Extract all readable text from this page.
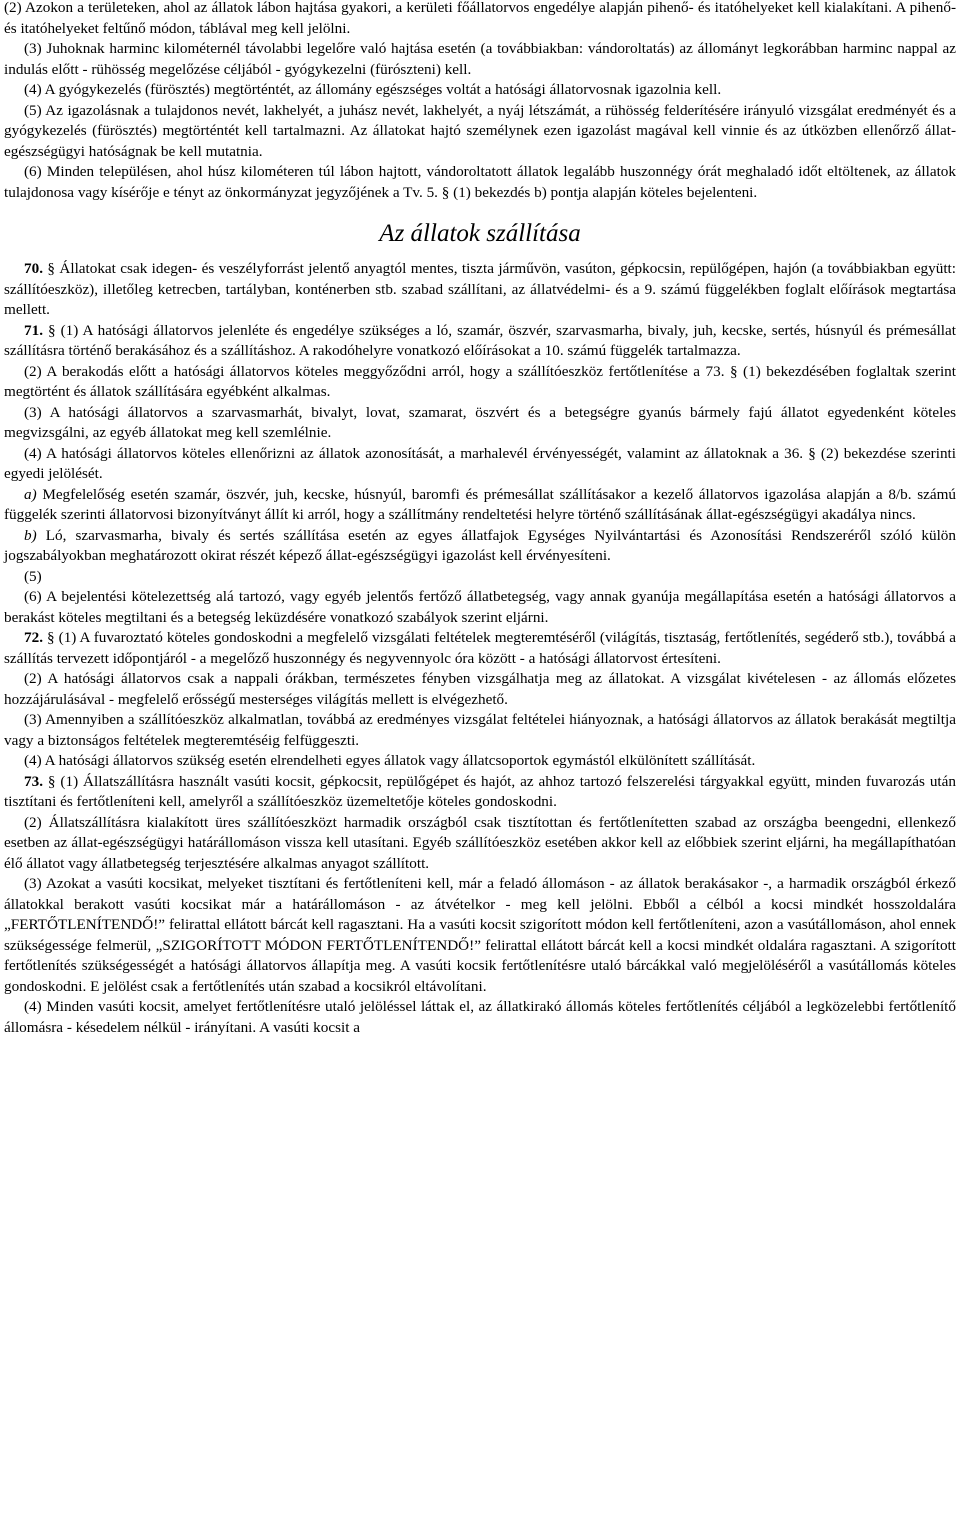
(2) Azokon a területeken, ahol az állatok lábon hajtása gyakori, a kerületi főállatorvos engedélye alapján pihenő- és itatóhelyeket kell kialakítani. A pihenő- és itatóhelyeket feltűnő módon, táblával meg kell jelölni.

(3) Juhoknak harminc kilométernél távolabbi legelőre való hajtása esetén (a továbbiakban: vándoroltatás) az állományt legkorábban harminc nappal az indulás előtt - rühösség megelőzése céljából - gyógykezelni (fürószteni) kell.

(4) A gyógykezelés (fürösztés) megtörténtét, az állomány egészséges voltát a hatósági állatorvosnak igazolnia kell.

(5) Az igazolásnak a tulajdonos nevét, lakhelyét, a juhász nevét, lakhelyét, a nyáj létszámát, a rühösség felderítésére irányuló vizsgálat eredményét és a gyógykezelés (fürösztés) megtörténtét kell tartalmazni. Az állatokat hajtó személynek ezen igazolást magával kell vinnie és az útközben ellenőrző állat-egészségügyi hatóságnak be kell mutatnia.

(6) Minden településen, ahol húsz kilométeren túl lábon hajtott, vándoroltatott állatok legalább huszonnégy órát meghaladó időt eltöltenek, az állatok tulajdonosa vagy kísérője e tényt az önkormányzat jegyzőjének a Tv. 5. § (1) bekezdés b) pontja alapján köteles bejelenteni.

Az állatok szállítása

70. § Állatokat csak idegen- és veszélyforrást jelentő anyagtól mentes, tiszta járművön, vasúton, gépkocsin, repülőgépen, hajón (a továbbiakban együtt: szállítóeszköz), illetőleg ketrecben, tartályban, konténerben stb. szabad szállítani, az állatvédelmi- és a 9. számú függelékben foglalt előírások megtartása mellett.

71. § (1) A hatósági állatorvos jelenléte és engedélye szükséges a ló, szamár, öszvér, szarvasmarha, bivaly, juh, kecske, sertés, húsnyúl és prémesállat szállításra történő berakásához és a szállításhoz. A rakodóhelyre vonatkozó előírásokat a 10. számú függelék tartalmazza.

(2) A berakodás előtt a hatósági állatorvos köteles meggyőződni arról, hogy a szállítóeszköz fertőtlenítése a 73. § (1) bekezdésében foglaltak szerint megtörtént és állatok szállítására egyébként alkalmas.

(3) A hatósági állatorvos a szarvasmarhát, bivalyt, lovat, szamarat, öszvért és a betegségre gyanús bármely fajú állatot egyedenként köteles megvizsgálni, az egyéb állatokat meg kell szemlélnie.

(4) A hatósági állatorvos köteles ellenőrizni az állatok azonosítását, a marhalevél érvényességét, valamint az állatoknak a 36. § (2) bekezdése szerinti egyedi jelölését.

a) Megfelelőség esetén szamár, öszvér, juh, kecske, húsnyúl, baromfi és prémesállat szállításakor a kezelő állatorvos igazolása alapján a 8/b. számú függelék szerinti állatorvosi bizonyítványt állít ki arról, hogy a szállítmány rendeltetési helyre történő szállításának állat-egészségügyi akadálya nincs.

b) Ló, szarvasmarha, bivaly és sertés szállítása esetén az egyes állatfajok Egységes Nyilvántartási és Azonosítási Rendszeréről szóló külön jogszabályokban meghatározott okirat részét képező állat-egészségügyi igazolást kell érvényesíteni.

(5)

(6) A bejelentési kötelezettség alá tartozó, vagy egyéb jelentős fertőző állatbetegség, vagy annak gyanúja megállapítása esetén a hatósági állatorvos a berakást köteles megtiltani és a betegség leküzdésére vonatkozó szabályok szerint eljárni.

72. § (1) A fuvaroztató köteles gondoskodni a megfelelő vizsgálati feltételek megteremtéséről (világítás, tisztaság, fertőtlenítés, segéderő stb.), továbbá a szállítás tervezett időpontjáról - a megelőző huszonnégy és negyvennyolc óra között - a hatósági állatorvost értesíteni.

(2) A hatósági állatorvos csak a nappali órákban, természetes fényben vizsgálhatja meg az állatokat. A vizsgálat kivételesen - az állomás előzetes hozzájárulásával - megfelelő erősségű mesterséges világítás mellett is elvégezhető.

(3) Amennyiben a szállítóeszköz alkalmatlan, továbbá az eredményes vizsgálat feltételei hiányoznak, a hatósági állatorvos az állatok berakását megtiltja vagy a biztonságos feltételek megteremtéséig felfüggeszti.

(4) A hatósági állatorvos szükség esetén elrendelheti egyes állatok vagy állatcsoportok egymástól elkülönített szállítását.

73. § (1) Állatszállításra használt vasúti kocsit, gépkocsit, repülőgépet és hajót, az ahhoz tartozó felszerelési tárgyakkal együtt, minden fuvarozás után tisztítani és fertőtleníteni kell, amelyről a szállítóeszköz üzemeltetője köteles gondoskodni.

(2) Állatszállításra kialakított üres szállítóeszközt harmadik országból csak tisztítottan és fertőtlenítetten szabad az országba beengedni, ellenkező esetben az állat-egészségügyi határállomáson vissza kell utasítani. Egyéb szállítóeszköz esetében akkor kell az előbbiek szerint eljárni, ha megállapíthatóan élő állatot vagy állatbetegség terjesztésére alkalmas anyagot szállított.

(3) Azokat a vasúti kocsikat, melyeket tisztítani és fertőtleníteni kell, már a feladó állomáson - az állatok berakásakor -, a harmadik országból érkező állatokkal berakott vasúti kocsikat már a határállomáson - az átvételkor - meg kell jelölni. Ebből a célból a kocsi mindkét hosszoldalára „FERTŐTLENÍTENDŐ!” felirattal ellátott bárcát kell ragasztani. Ha a vasúti kocsit szigorított módon kell fertőtleníteni, azon a vasútállomáson, ahol ennek szükségessége felmerül, „SZIGORÍTOTT MÓDON FERTŐTLENÍTENDŐ!” felirattal ellátott bárcát kell a kocsi mindkét oldalára ragasztani. A szigorított fertőtlenítés szükségességét a hatósági állatorvos állapítja meg. A vasúti kocsik fertőtlenítésre utaló bárcákkal való megjelöléséről a vasútállomás köteles gondoskodni. E jelölést csak a fertőtlenítés után szabad a kocsikról eltávolítani.

(4) Minden vasúti kocsit, amelyet fertőtlenítésre utaló jelöléssel láttak el, az állatkirakó állomás köteles fertőtlenítés céljából a legközelebbi fertőtlenítő állomásra - késedelem nélkül - irányítani. A vasúti kocsit a
